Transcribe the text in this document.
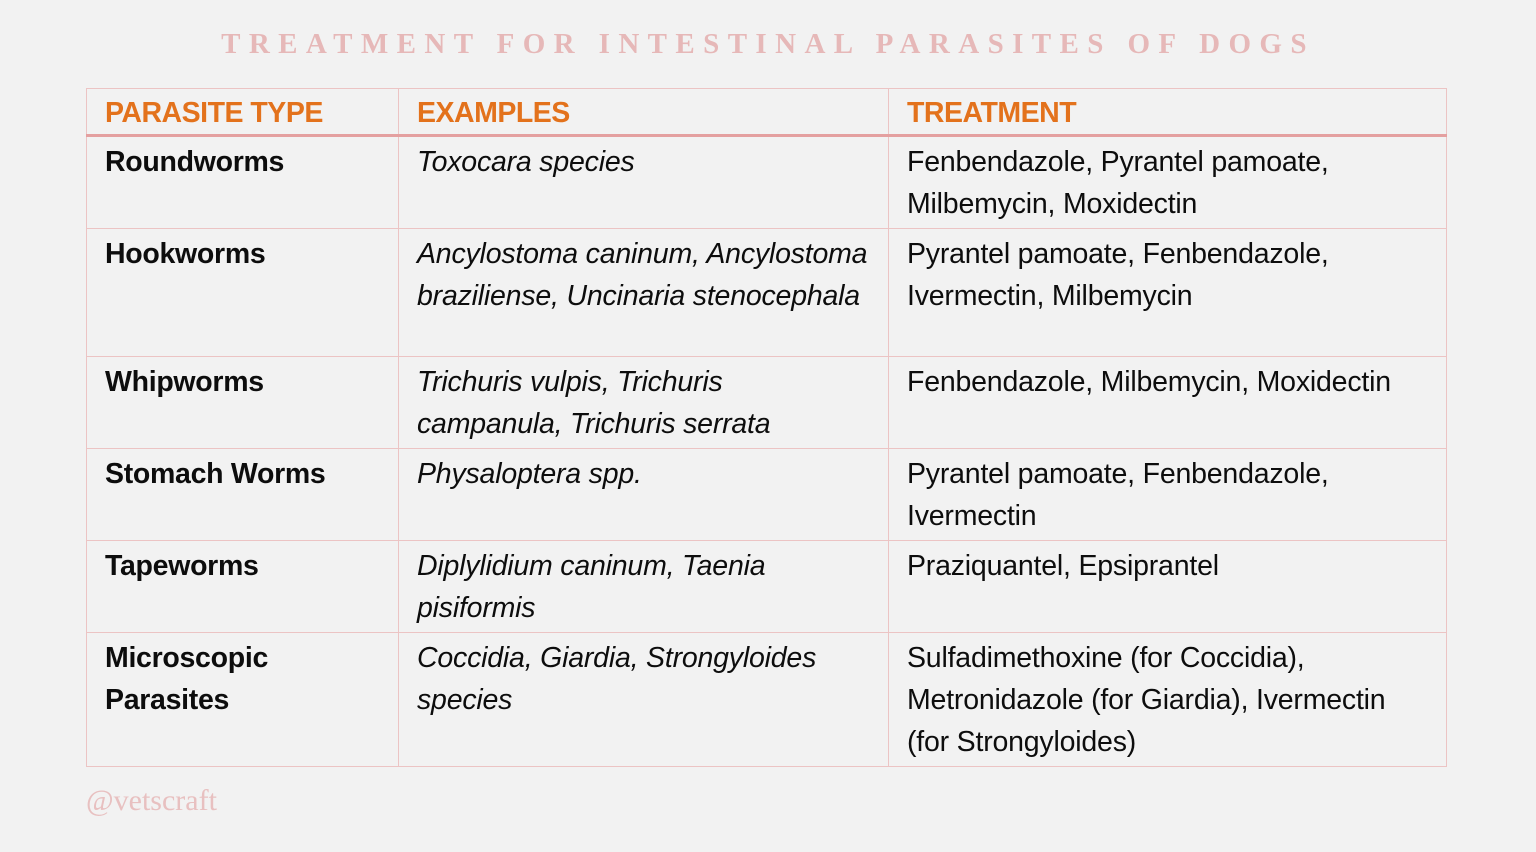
TREATMENT FOR INTESTINAL PARASITES OF DOGS
PARASITE TYPE	EXAMPLES	TREATMENT
Roundworms	Toxocara species	Fenbendazole, Pyrantel pamoate, Milbemycin, Moxidectin
Hookworms	Ancylostoma caninum, Ancylostoma braziliense, Uncinaria stenocephala	Pyrantel pamoate, Fenbendazole, Ivermectin, Milbemycin
Whipworms	Trichuris vulpis, Trichuris campanula, Trichuris serrata	Fenbendazole, Milbemycin, Moxidectin
Stomach Worms	Physaloptera spp.	Pyrantel pamoate, Fenbendazole, Ivermectin
Tapeworms	Diplylidium caninum, Taenia pisiformis	Praziquantel, Epsiprantel
Microscopic Parasites	Coccidia, Giardia, Strongyloides species	Sulfadimethoxine (for Coccidia), Metronidazole (for Giardia), Ivermectin (for Strongyloides)
@vetscraft
